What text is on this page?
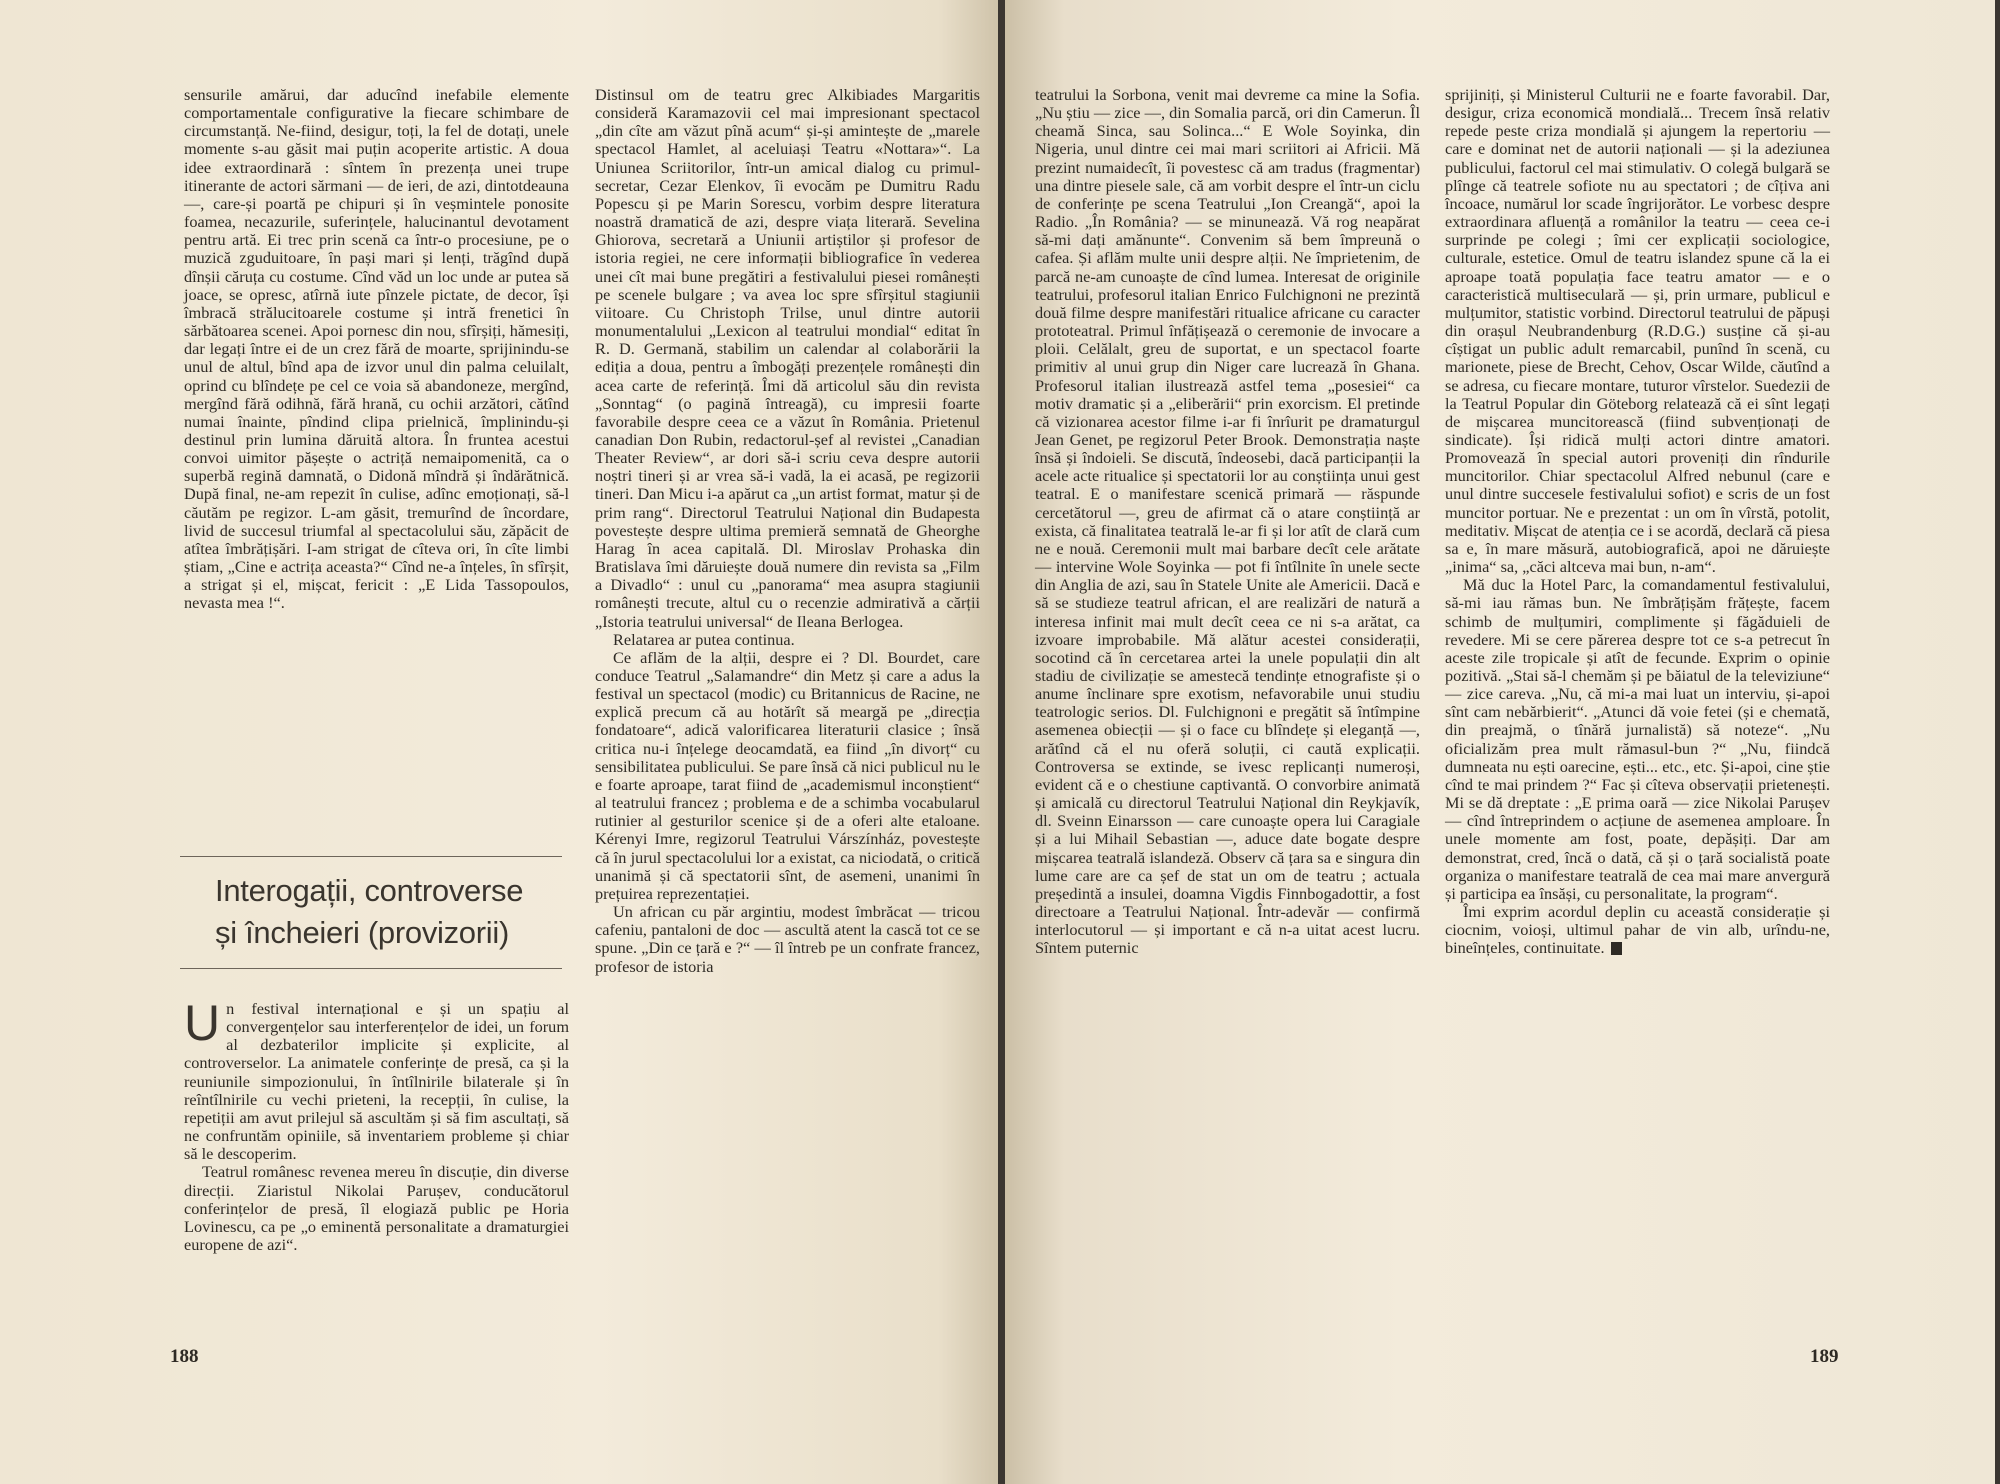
sensurile amărui, dar aducînd inefabile elemente comportamentale configurative la fiecare schimbare de circumstanță. Ne-fiind, desigur, toți, la fel de dotați, unele momente s-au găsit mai puțin acoperite artistic. A doua idee extraordinară : sîntem în prezența unei trupe itinerante de actori sărmani — de ieri, de azi, dintotdeauna —, care-și poartă pe chipuri și în veșmintele ponosite foamea, necazurile, suferințele, halucinantul devotament pentru artă. Ei trec prin scenă ca într-o procesiune, pe o muzică zguduitoare, în pași mari și lenți, trăgînd după dînșii căruța cu costume. Cînd văd un loc unde ar putea să joace, se opresc, atîrnă iute pînzele pictate, de decor, își îmbracă strălucitoarele costume și intră frenetici în sărbătoarea scenei. Apoi pornesc din nou, sfîrșiți, hămesiți, dar legați între ei de un crez fără de moarte, sprijinindu-se unul de altul, bînd apa de izvor unul din palma celuilalt, oprind cu blîndețe pe cel ce voia să abandoneze, mergînd, mergînd fără odihnă, fără hrană, cu ochii arzători, cătînd numai înainte, pîndind clipa prielnică, împlinindu-și destinul prin lumina dăruită altora. În fruntea acestui convoi uimitor pășește o actriță nemaipomenită, ca o superbă regină damnată, o Didonă mîndră și îndărătnică. După final, ne-am repezit în culise, adînc emoționați, să-l căutăm pe regizor. L-am găsit, tremurînd de încordare, livid de succesul triumfal al spectacolului său, zăpăcit de atîtea îmbrățișări. I-am strigat de cîteva ori, în cîte limbi știam, „Cine e actrița aceasta?“ Cînd ne-a înțeles, în sfîrșit, a strigat și el, mișcat, fericit : „E Lida Tassopoulos, nevasta mea !“.

Interogații, controverse și încheieri (provizorii)

Un festival internațional e și un spațiu al convergențelor sau interferențelor de idei, un forum al dezbaterilor implicite și explicite, al controverselor. La animatele conferințe de presă, ca și la reuniunile simpozionului, în întîlnirile bilaterale și în reîntîlnirile cu vechi prieteni, la recepții, în culise, la repetiții am avut prilejul să ascultăm și să fim ascultați, să ne confruntăm opiniile, să inventariem probleme și chiar să le descoperim.

Teatrul românesc revenea mereu în discuție, din diverse direcții. Ziaristul Nikolai Parușev, conducătorul conferințelor de presă, îl elogiază public pe Horia Lovinescu, ca pe „o eminentă personalitate a dramaturgiei europene de azi“.

Distinsul om de teatru grec Alkibiades Margaritis consideră Karamazovii cel mai impresionant spectacol „din cîte am văzut pînă acum“ și-și amintește de „marele spectacol Hamlet, al aceluiași Teatru «Nottara»“. La Uniunea Scriitorilor, într-un amical dialog cu primul-secretar, Cezar Elenkov, îi evocăm pe Dumitru Radu Popescu și pe Marin Sorescu, vorbim despre literatura noastră dramatică de azi, despre viața literară. Sevelina Ghiorova, secretară a Uniunii artiștilor și profesor de istoria regiei, ne cere informații bibliografice în vederea unei cît mai bune pregătiri a festivalului piesei românești pe scenele bulgare ; va avea loc spre sfîrșitul stagiunii viitoare. Cu Christoph Trilse, unul dintre autorii monumentalului „Lexicon al teatrului mondial“ editat în R. D. Germană, stabilim un calendar al colaborării la ediția a doua, pentru a îmbogăți prezențele românești din acea carte de referință. Îmi dă articolul său din revista „Sonntag“ (o pagină întreagă), cu impresii foarte favorabile despre ceea ce a văzut în România. Prietenul canadian Don Rubin, redactorul-șef al revistei „Canadian Theater Review“, ar dori să-i scriu ceva despre autorii noștri tineri și ar vrea să-i vadă, la ei acasă, pe regizorii tineri. Dan Micu i-a apărut ca „un artist format, matur și de prim rang“. Directorul Teatrului Național din Budapesta povestește despre ultima premieră semnată de Gheorghe Harag în acea capitală. Dl. Miroslav Prohaska din Bratislava îmi dăruiește două numere din revista sa „Film a Divadlo“ : unul cu „panorama“ mea asupra stagiunii românești trecute, altul cu o recenzie admirativă a cărții „Istoria teatrului universal“ de Ileana Berlogea.

Relatarea ar putea continua.

Ce aflăm de la alții, despre ei ? Dl. Bourdet, care conduce Teatrul „Salamandre“ din Metz și care a adus la festival un spectacol (modic) cu Britannicus de Racine, ne explică precum că au hotărît să meargă pe „direcția fondatoare“, adică valorificarea literaturii clasice ; însă critica nu-i înțelege deocamdată, ea fiind „în divorț“ cu sensibilitatea publicului. Se pare însă că nici publicul nu le e foarte aproape, tarat fiind de „academismul inconștient“ al teatrului francez ; problema e de a schimba vocabularul rutinier al gesturilor scenice și de a oferi alte etaloane. Kérenyi Imre, regizorul Teatrului Várszínház, povestește că în jurul spectacolului lor a existat, ca niciodată, o critică unanimă și că spectatorii sînt, de asemeni, unanimi în prețuirea reprezentației.

Un african cu păr argintiu, modest îmbrăcat — tricou cafeniu, pantaloni de doc — ascultă atent la cască tot ce se spune. „Din ce țară e ?“ — îl întreb pe un confrate francez, profesor de istoria

188

teatrului la Sorbona, venit mai devreme ca mine la Sofia. „Nu știu — zice —, din Somalia parcă, ori din Camerun. Îl cheamă Sinca, sau Solinca...“ E Wole Soyinka, din Nigeria, unul dintre cei mai mari scriitori ai Africii. Mă prezint numaidecît, îi povestesc că am tradus (fragmentar) una dintre piesele sale, că am vorbit despre el într-un ciclu de conferințe pe scena Teatrului „Ion Creangă“, apoi la Radio. „În România? — se minunează. Vă rog neapărat să-mi dați amănunte“. Convenim să bem împreună o cafea. Și aflăm multe unii despre alții. Ne împrietenim, de parcă ne-am cunoaște de cînd lumea. Interesat de originile teatrului, profesorul italian Enrico Fulchignoni ne prezintă două filme despre manifestări ritualice africane cu caracter prototeatral. Primul înfățișează o ceremonie de invocare a ploii. Celălalt, greu de suportat, e un spectacol foarte primitiv al unui grup din Niger care lucrează în Ghana. Profesorul italian ilustrează astfel tema „posesiei“ ca motiv dramatic și a „eliberării“ prin exorcism. El pretinde că vizionarea acestor filme i-ar fi înrîurit pe dramaturgul Jean Genet, pe regizorul Peter Brook. Demonstrația naște însă și îndoieli. Se discută, îndeosebi, dacă participanții la acele acte ritualice și spectatorii lor au conștiința unui gest teatral. E o manifestare scenică primară — răspunde cercetătorul —, greu de afirmat că o atare conștiință ar exista, că finalitatea teatrală le-ar fi și lor atît de clară cum ne e nouă. Ceremonii mult mai barbare decît cele arătate — intervine Wole Soyinka — pot fi întîlnite în unele secte din Anglia de azi, sau în Statele Unite ale Americii. Dacă e să se studieze teatrul african, el are realizări de natură a interesa infinit mai mult decît ceea ce ni s-a arătat, ca izvoare improbabile. Mă alătur acestei considerații, socotind că în cercetarea artei la unele populații din alt stadiu de civilizație se amestecă tendințe etnografiste și o anume înclinare spre exotism, nefavorabile unui studiu teatrologic serios. Dl. Fulchignoni e pregătit să întîmpine asemenea obiecții — și o face cu blîndețe și eleganță —, arătînd că el nu oferă soluții, ci caută explicații. Controversa se extinde, se ivesc replicanți numeroși, evident că e o chestiune captivantă. O convorbire animată și amicală cu directorul Teatrului Național din Reykjavík, dl. Sveinn Einarsson — care cunoaște opera lui Caragiale și a lui Mihail Sebastian —, aduce date bogate despre mișcarea teatrală islandeză. Observ că țara sa e singura din lume care are ca șef de stat un om de teatru ; actuala președintă a insulei, doamna Vigdis Finnbogadottir, a fost directoare a Teatrului Național. Într-adevăr — confirmă interlocutorul — și important e că n-a uitat acest lucru. Sîntem puternic

sprijiniți, și Ministerul Culturii ne e foarte favorabil. Dar, desigur, criza economică mondială... Trecem însă relativ repede peste criza mondială și ajungem la repertoriu — care e dominat net de autorii naționali — și la adeziunea publicului, factorul cel mai stimulativ. O colegă bulgară se plînge că teatrele sofiote nu au spectatori ; de cîțiva ani încoace, numărul lor scade îngrijorător. Le vorbesc despre extraordinara afluență a românilor la teatru — ceea ce-i surprinde pe colegi ; îmi cer explicații sociologice, culturale, estetice. Omul de teatru islandez spune că la ei aproape toată populația face teatru amator — e o caracteristică multiseculară — și, prin urmare, publicul e mulțumitor, statistic vorbind. Directorul teatrului de păpuși din orașul Neubrandenburg (R.D.G.) susține că și-au cîștigat un public adult remarcabil, punînd în scenă, cu marionete, piese de Brecht, Cehov, Oscar Wilde, căutînd a se adresa, cu fiecare montare, tuturor vîrstelor. Suedezii de la Teatrul Popular din Göteborg relatează că ei sînt legați de mișcarea muncitorească (fiind subvenționați de sindicate). Își ridică mulți actori dintre amatori. Promovează în special autori proveniți din rîndurile muncitorilor. Chiar spectacolul Alfred nebunul (care e unul dintre succesele festivalului sofiot) e scris de un fost muncitor portuar. Ne e prezentat : un om în vîrstă, potolit, meditativ. Mișcat de atenția ce i se acordă, declară că piesa sa e, în mare măsură, autobiografică, apoi ne dăruiește „inima“ sa, „căci altceva mai bun, n-am“.

Mă duc la Hotel Parc, la comandamentul festivalului, să-mi iau rămas bun. Ne îmbrățișăm frățește, facem schimb de mulțumiri, complimente și făgăduieli de revedere. Mi se cere părerea despre tot ce s-a petrecut în aceste zile tropicale și atît de fecunde. Exprim o opinie pozitivă. „Stai să-l chemăm și pe băiatul de la televiziune“ — zice careva. „Nu, că mi-a mai luat un interviu, și-apoi sînt cam nebărbierit“. „Atunci dă voie fetei (și e chemată, din preajmă, o tînără jurnalistă) să noteze“. „Nu oficializăm prea mult rămasul-bun ?“ „Nu, fiindcă dumneata nu ești oarecine, ești... etc., etc. Și-apoi, cine știe cînd te mai prindem ?“ Fac și cîteva observații prietenești. Mi se dă dreptate : „E prima oară — zice Nikolai Parușev — cînd întreprindem o acțiune de asemenea amploare. În unele momente am fost, poate, depășiți. Dar am demonstrat, cred, încă o dată, că și o țară socialistă poate organiza o manifestare teatrală de cea mai mare anvergură și participa ea însăși, cu personalitate, la program“.

Îmi exprim acordul deplin cu această considerație și ciocnim, voioși, ultimul pahar de vin alb, urîndu-ne, bineînțeles, continuitate.

189
